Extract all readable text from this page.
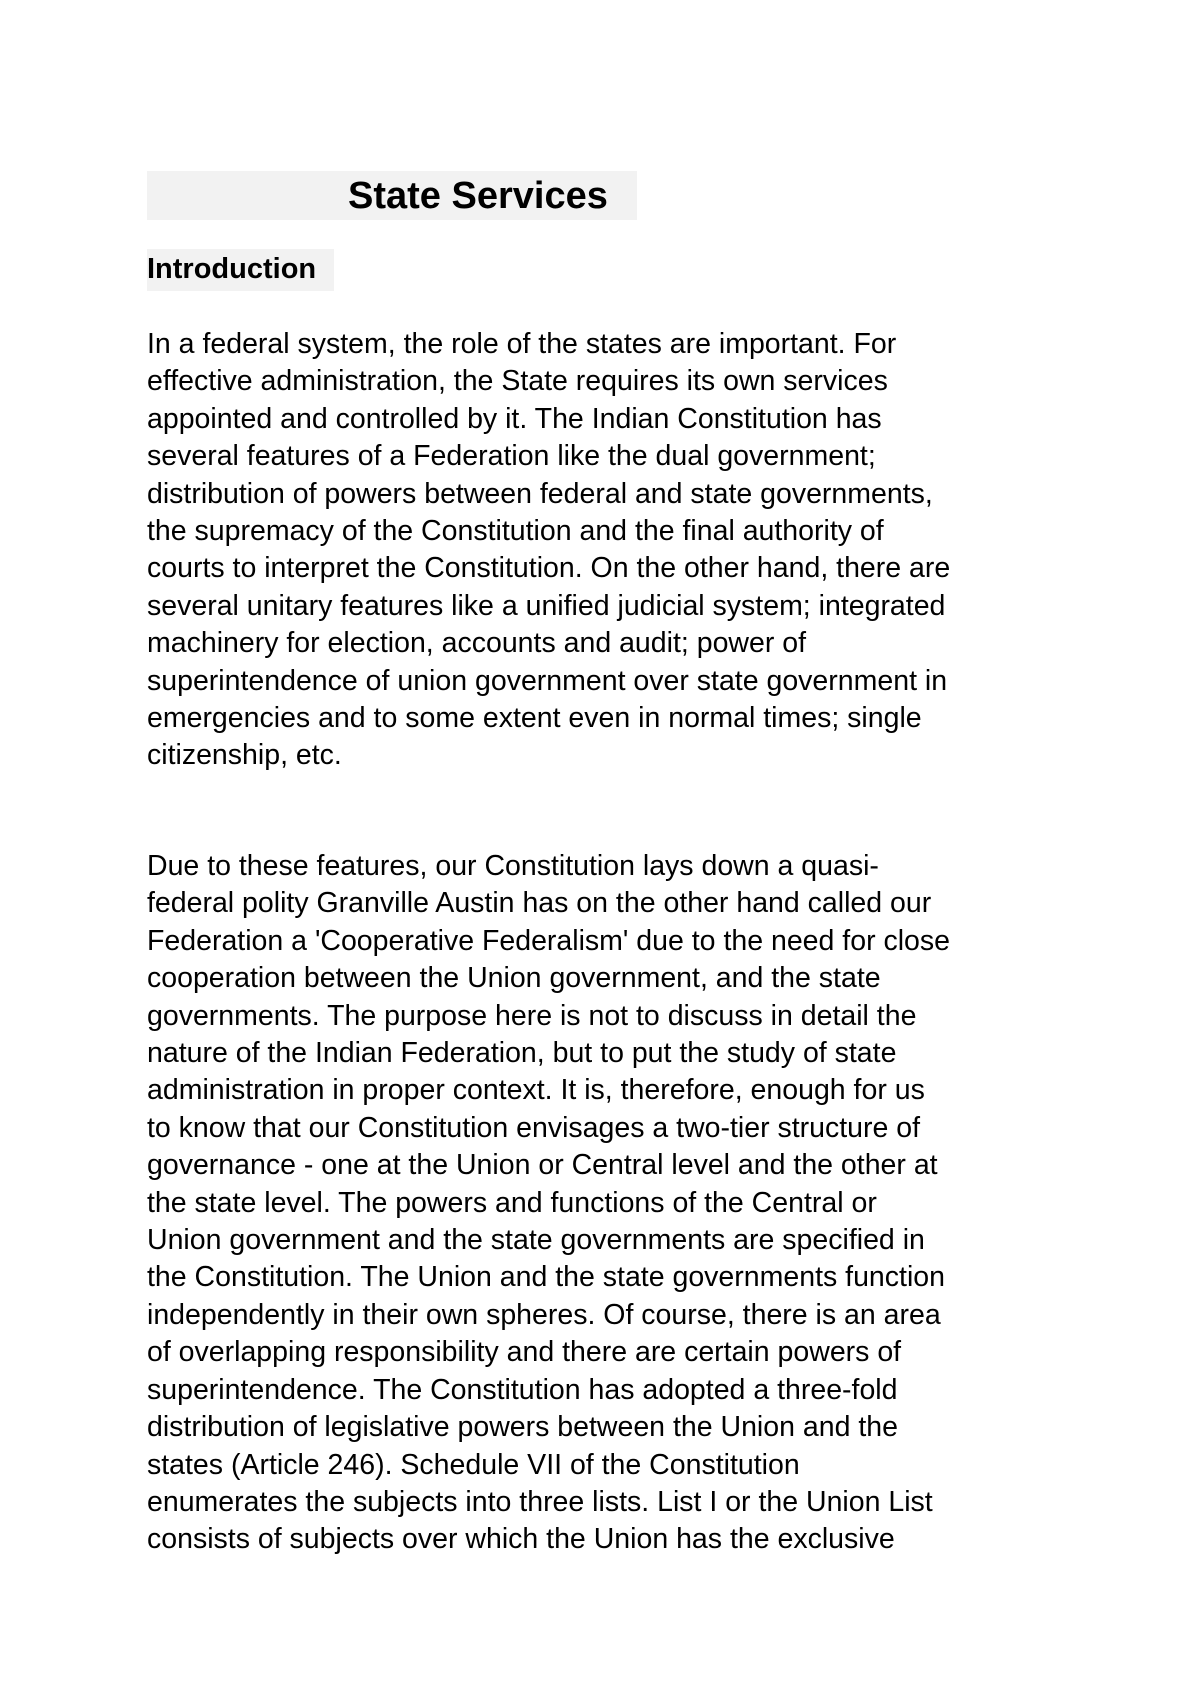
State Services
Introduction
In a federal system, the role of the states are important. For
effective administration, the State requires its own services
appointed and controlled by it. The Indian Constitution has
several features of a Federation like the dual government;
distribution of powers between federal and state governments,
the supremacy of the Constitution and the final authority of
courts to interpret the Constitution. On the other hand, there are
several unitary features like a unified judicial system; integrated
machinery for election, accounts and audit; power of
superintendence of union government over state government in
emergencies and to some extent even in normal times; single
citizenship, etc.
Due to these features, our Constitution lays down a quasi-
federal polity Granville Austin has on the other hand called our
Federation a 'Cooperative Federalism' due to the need for close
cooperation between the Union government, and the state
governments. The purpose here is not to discuss in detail the
nature of the Indian Federation, but to put the study of state
administration in proper context. It is, therefore, enough for us
to know that our Constitution envisages a two-tier structure of
governance - one at the Union or Central level and the other at
the state level. The powers and functions of the Central or
Union government and the state governments are specified in
the Constitution. The Union and the state governments function
independently in their own spheres. Of course, there is an area
of overlapping responsibility and there are certain powers of
superintendence. The Constitution has adopted a three-fold
distribution of legislative powers between the Union and the
states (Article 246). Schedule VII of the Constitution
enumerates the subjects into three lists. List I or the Union List
consists of subjects over which the Union has the exclusive
